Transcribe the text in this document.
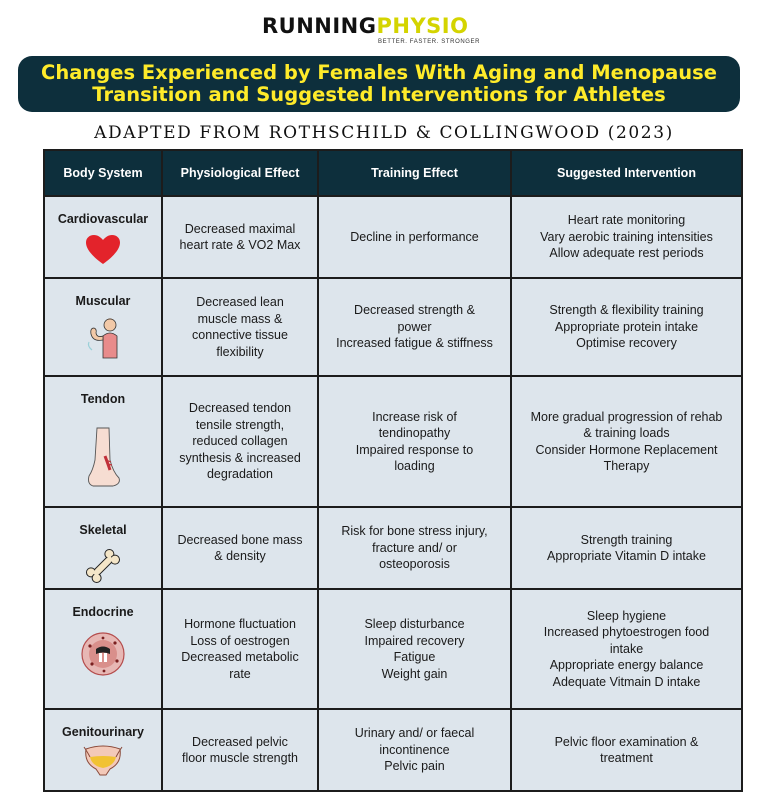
RUNNINGPHYSIO
BETTER. FASTER. STRONGER
Changes Experienced by Females With Aging and Menopause
Transition and Suggested Interventions for Athletes
ADAPTED FROM ROTHSCHILD & COLLINGWOOD (2023)
Body System	Physiological Effect	Training Effect	Suggested Intervention

Cardiovascular	Decreased maximal
heart rate & VO2 Max	Decline in performance	Heart rate monitoring
Vary aerobic training intensities
Allow adequate rest periods

Muscular	Decreased lean
muscle mass &
connective tissue
flexibility	Decreased strength &
power
Increased fatigue & stiffness	Strength & flexibility training
Appropriate protein intake
Optimise recovery

Tendon	Decreased tendon
tensile strength,
reduced collagen
synthesis & increased
degradation	Increase risk of
tendinopathy
Impaired response to
loading	More gradual progression of rehab
& training loads
Consider Hormone Replacement
Therapy

Skeletal	Decreased bone mass
& density	Risk for bone stress injury,
fracture and/ or
osteoporosis	Strength training
Appropriate Vitamin D intake

Endocrine	Hormone fluctuation
Loss of oestrogen
Decreased metabolic
rate	Sleep disturbance
Impaired recovery
Fatigue
Weight gain	Sleep hygiene
Increased phytoestrogen food
intake
Appropriate energy balance
Adequate Vitmain D intake

Genitourinary	Decreased pelvic
floor muscle strength	Urinary and/ or faecal
incontinence
Pelvic pain	Pelvic floor examination &
treatment
